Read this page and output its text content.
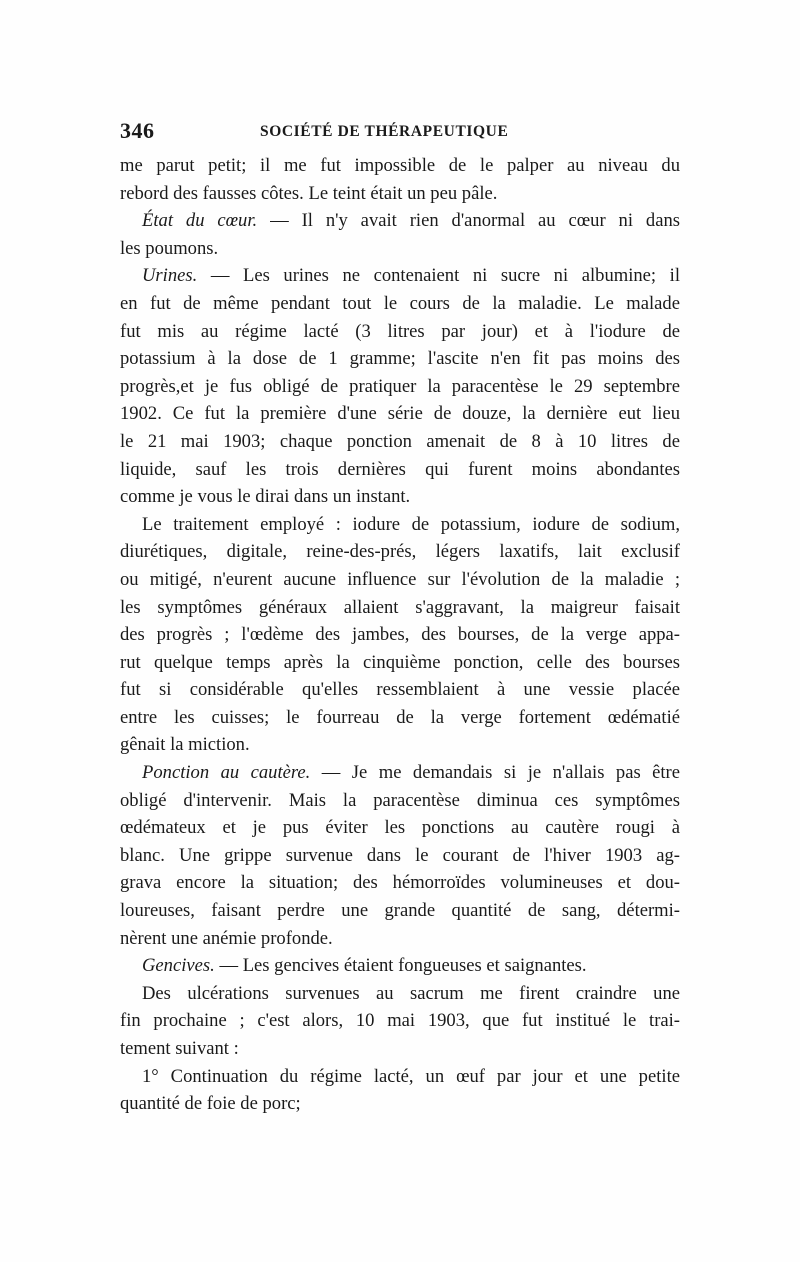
346	SOCIÉTÉ DE THÉRAPEUTIQUE
me parut petit; il me fut impossible de le palper au niveau du
rebord des fausses côtes. Le teint était un peu pâle.
État du cœur. — Il n'y avait rien d'anormal au cœur ni dans
les poumons.
Urines. — Les urines ne contenaient ni sucre ni albumine; il
en fut de même pendant tout le cours de la maladie. Le malade
fut mis au régime lacté (3 litres par jour) et à l'iodure de
potassium à la dose de 1 gramme; l'ascite n'en fit pas moins des
progrès,et je fus obligé de pratiquer la paracentèse le 29 septembre
1902. Ce fut la première d'une série de douze, la dernière eut lieu
le 21 mai 1903; chaque ponction amenait de 8 à 10 litres de
liquide, sauf les trois dernières qui furent moins abondantes
comme je vous le dirai dans un instant.
Le traitement employé : iodure de potassium, iodure de sodium,
diurétiques, digitale, reine-des-prés, légers laxatifs, lait exclusif
ou mitigé, n'eurent aucune influence sur l'évolution de la maladie ;
les symptômes généraux allaient s'aggravant, la maigreur faisait
des progrès ; l'œdème des jambes, des bourses, de la verge appa-
rut quelque temps après la cinquième ponction, celle des bourses
fut si considérable qu'elles ressemblaient à une vessie placée
entre les cuisses; le fourreau de la verge fortement œdématié
gênait la miction.
Ponction au cautère. — Je me demandais si je n'allais pas être
obligé d'intervenir. Mais la paracentèse diminua ces symptômes
œdémateux et je pus éviter les ponctions au cautère rougi à
blanc. Une grippe survenue dans le courant de l'hiver 1903 ag-
grava encore la situation; des hémorroïdes volumineuses et dou-
loureuses, faisant perdre une grande quantité de sang, détermi-
nèrent une anémie profonde.
Gencives. — Les gencives étaient fongueuses et saignantes.
Des ulcérations survenues au sacrum me firent craindre une
fin prochaine ; c'est alors, 10 mai 1903, que fut institué le trai-
tement suivant :
1° Continuation du régime lacté, un œuf par jour et une petite
quantité de foie de porc;
